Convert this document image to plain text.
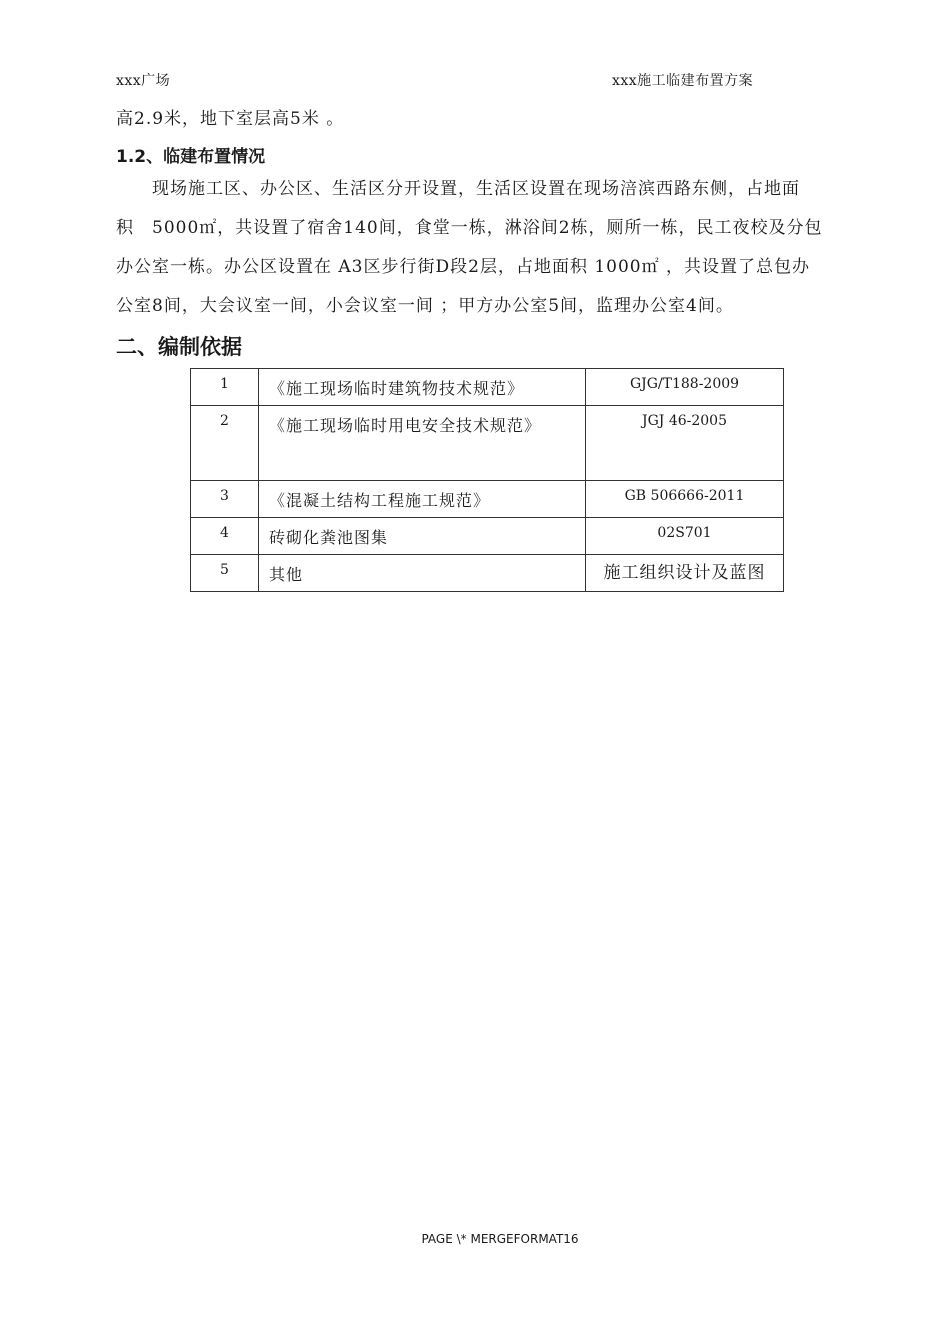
xxx广场	xxx施工临建布置方案
高2.9米，地下室层高5米 。
1.2、临建布置情况

　　现场施工区、办公区、生活区分开设置，生活区设置在现场涪滨西路东侧，占地面

积　5000㎡，共设置了宿舍140间，食堂一栋，淋浴间2栋，厕所一栋，民工夜校及分包

办公室一栋。办公区设置在 A3区步行街D段2层，占地面积 1000㎡ ，共设置了总包办

公室8间，大会议室一间，小会议室一间 ；甲方办公室5间，监理办公室4间。

二、编制依据
1	《施工现场临时建筑物技术规范》	GJG/T188-2009
2	《施工现场临时用电安全技术规范》	JGJ 46-2005
3	《混凝土结构工程施工规范》	GB 506666-2011
4	砖砌化粪池图集	02S701
5	其他	施工组织设计及蓝图
PAGE \* MERGEFORMAT16
